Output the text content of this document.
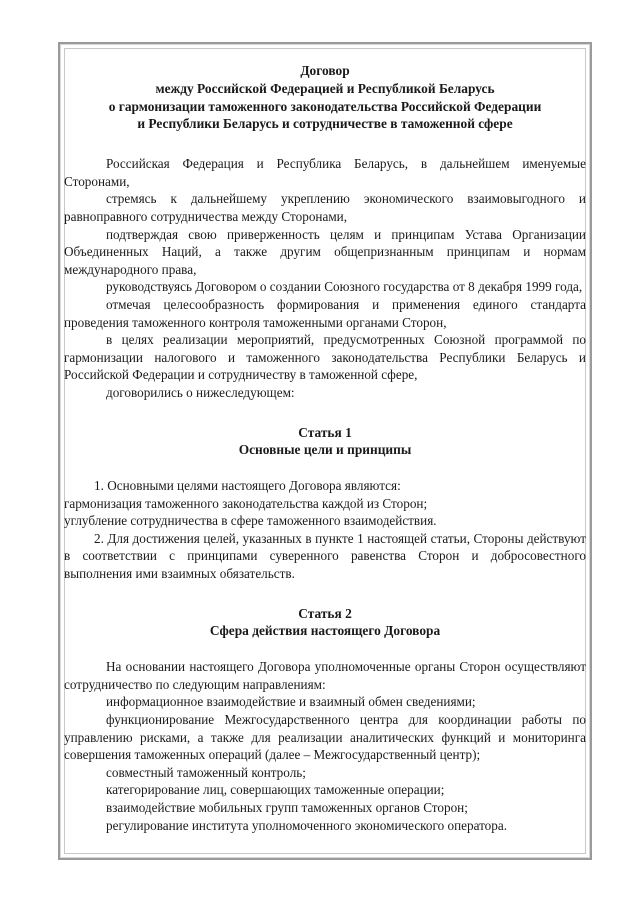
Договор
между Российской Федерацией и Республикой Беларусь
о гармонизации таможенного законодательства Российской Федерации
и Республики Беларусь и сотрудничестве в таможенной сфере

Российская Федерация и Республика Беларусь, в дальнейшем именуемые Сторонами,

стремясь к дальнейшему укреплению экономического взаимовыгодного и равноправного сотрудничества между Сторонами,

подтверждая свою приверженность целям и принципам Устава Организации Объединенных Наций, а также другим общепризнанным принципам и нормам международного права,

руководствуясь Договором о создании Союзного государства от 8 декабря 1999 года,

отмечая целесообразность формирования и применения единого стандарта проведения таможенного контроля таможенными органами Сторон,

в целях реализации мероприятий, предусмотренных Союзной программой по гармонизации налогового и таможенного законодательства Республики Беларусь и Российской Федерации и сотрудничеству в таможенной сфере,

договорились о нижеследующем:

Статья 1
Основные цели и принципы

1. Основными целями настоящего Договора являются:

гармонизация таможенного законодательства каждой из Сторон;

углубление сотрудничества в сфере таможенного взаимодействия.

2. Для достижения целей, указанных в пункте 1 настоящей статьи, Стороны действуют в соответствии с принципами суверенного равенства Сторон и добросовестного выполнения ими взаимных обязательств.

Статья 2
Сфера действия настоящего Договора

На основании настоящего Договора уполномоченные органы Сторон осуществляют сотрудничество по следующим направлениям:

информационное взаимодействие и взаимный обмен сведениями;

функционирование Межгосударственного центра для координации работы по управлению рисками, а также для реализации аналитических функций и мониторинга совершения таможенных операций (далее – Межгосударственный центр);

совместный таможенный контроль;

категорирование лиц, совершающих таможенные операции;

взаимодействие мобильных групп таможенных органов Сторон;

регулирование института уполномоченного экономического оператора.
